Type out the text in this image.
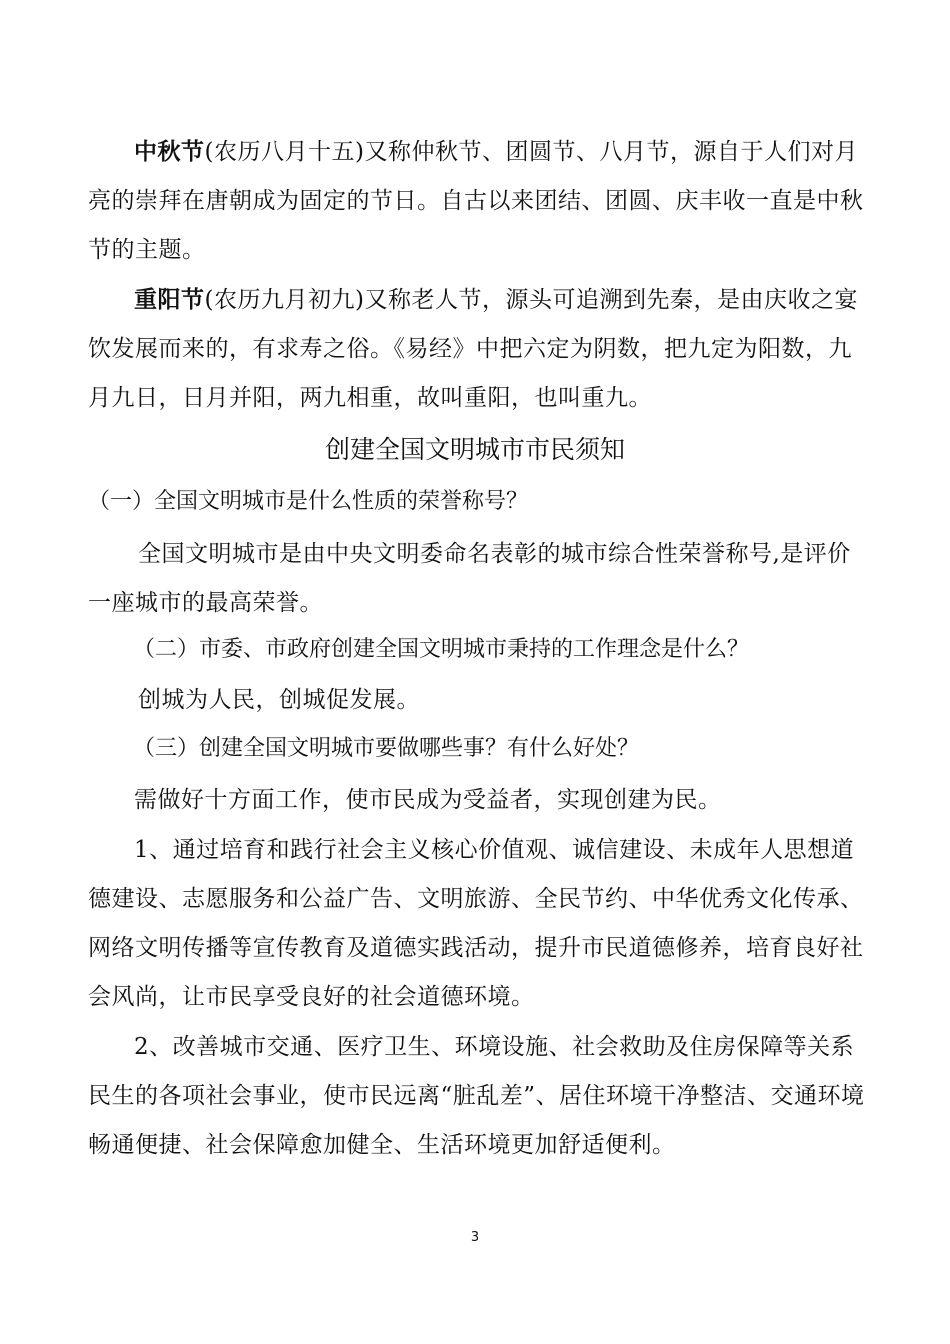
中秋节(农历八月十五)又称仲秋节、团圆节、八月节，源自于人们对月亮的崇拜在唐朝成为固定的节日。自古以来团结、团圆、庆丰收一直是中秋节的主题。

重阳节(农历九月初九)又称老人节，源头可追溯到先秦，是由庆收之宴饮发展而来的，有求寿之俗。《易经》中把六定为阴数，把九定为阳数，九月九日，日月并阳，两九相重，故叫重阳，也叫重九。

创建全国文明城市市民须知

（一）全国文明城市是什么性质的荣誉称号？

全国文明城市是由中央文明委命名表彰的城市综合性荣誉称号,是评价一座城市的最高荣誉。

（二）市委、市政府创建全国文明城市秉持的工作理念是什么？

创城为人民，创城促发展。

（三）创建全国文明城市要做哪些事？有什么好处？

需做好十方面工作，使市民成为受益者，实现创建为民。

1、通过培育和践行社会主义核心价值观、诚信建设、未成年人思想道德建设、志愿服务和公益广告、文明旅游、全民节约、中华优秀文化传承、网络文明传播等宣传教育及道德实践活动，提升市民道德修养，培育良好社会风尚，让市民享受良好的社会道德环境。

2、改善城市交通、医疗卫生、环境设施、社会救助及住房保障等关系民生的各项社会事业，使市民远离“脏乱差”、居住环境干净整洁、交通环境畅通便捷、社会保障愈加健全、生活环境更加舒适便利。

3
